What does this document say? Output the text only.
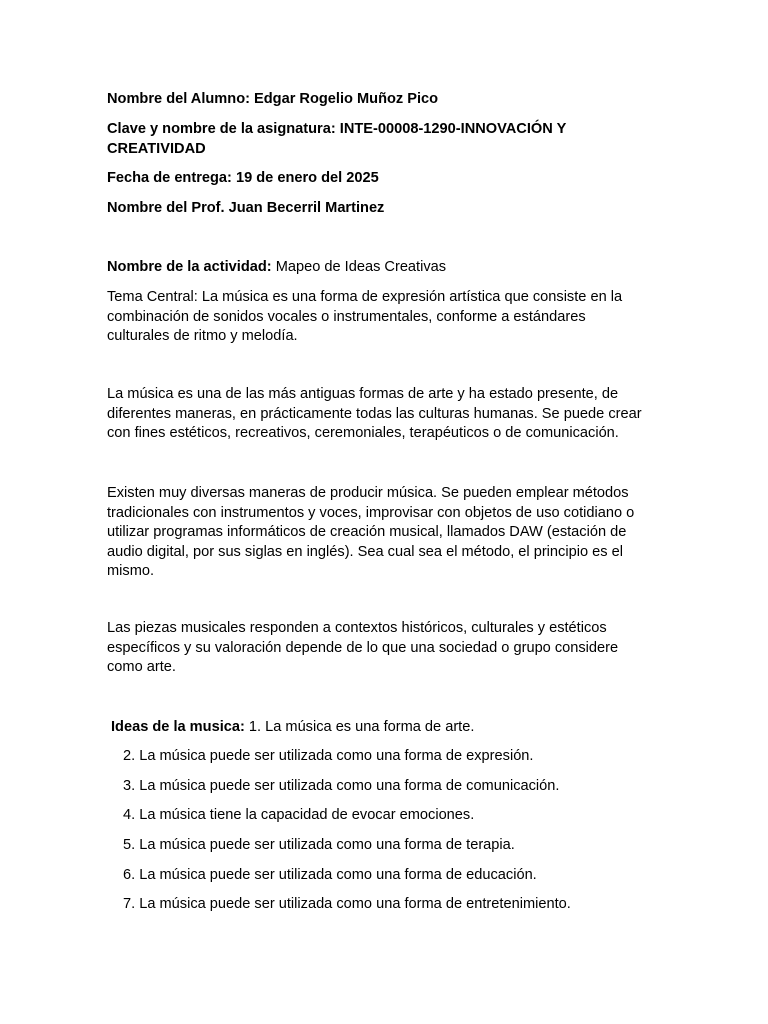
Nombre del Alumno: Edgar Rogelio Muñoz Pico

Clave y nombre de la asignatura: INTE-00008-1290-INNOVACIÓN Y CREATIVIDAD

Fecha de entrega: 19 de enero del 2025

Nombre del Prof. Juan Becerril Martinez

Nombre de la actividad: Mapeo de Ideas Creativas

Tema Central: La música es una forma de expresión artística que consiste en la combinación de sonidos vocales o instrumentales, conforme a estándares culturales de ritmo y melodía.

La música es una de las más antiguas formas de arte y ha estado presente, de diferentes maneras, en prácticamente todas las culturas humanas. Se puede crear con fines estéticos, recreativos, ceremoniales, terapéuticos o de comunicación.

Existen muy diversas maneras de producir música. Se pueden emplear métodos tradicionales con instrumentos y voces, improvisar con objetos de uso cotidiano o utilizar programas informáticos de creación musical, llamados DAW (estación de audio digital, por sus siglas en inglés). Sea cual sea el método, el principio es el mismo.

Las piezas musicales responden a contextos históricos, culturales y estéticos específicos y su valoración depende de lo que una sociedad o grupo considere como arte.

Ideas de la musica: 1. La música es una forma de arte.

2. La música puede ser utilizada como una forma de expresión.

3. La música puede ser utilizada como una forma de comunicación.

4. La música tiene la capacidad de evocar emociones.

5. La música puede ser utilizada como una forma de terapia.

6. La música puede ser utilizada como una forma de educación.

7. La música puede ser utilizada como una forma de entretenimiento.
